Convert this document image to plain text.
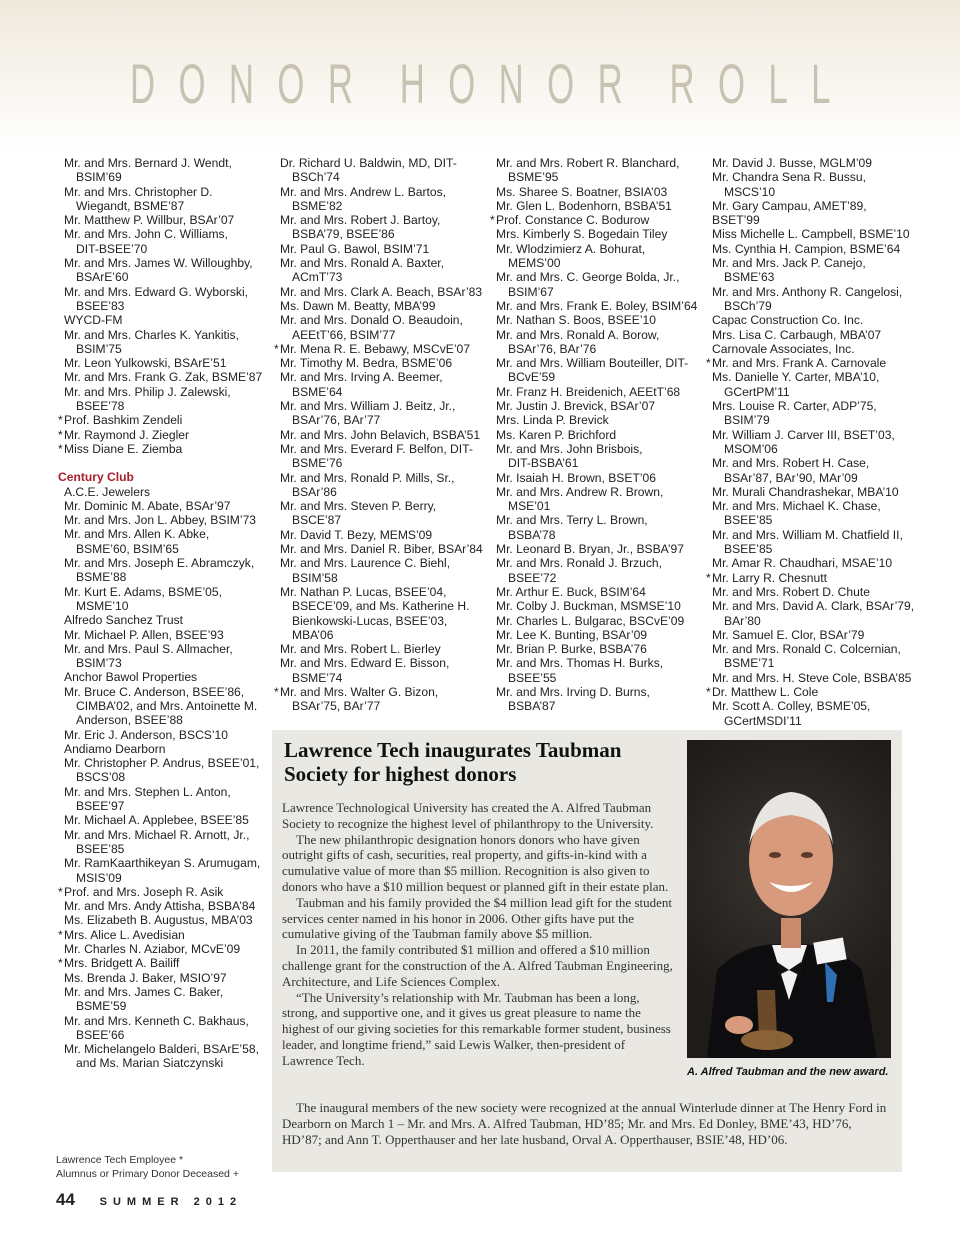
D O N O R H O N O R R O L L
Mr. and Mrs. Bernard J. Wendt,
BSIM’69
Mr. and Mrs. Christopher D.
Wiegandt, BSME’87
Mr. Matthew P. Willbur, BSAr’07
Mr. and Mrs. John C. Williams,
DIT-BSEE’70
Mr. and Mrs. James W. Willoughby,
BSArE’60
Mr. and Mrs. Edward G. Wyborski,
BSEE’83
WYCD-FM
Mr. and Mrs. Charles K. Yankitis,
BSIM’75
Mr. Leon Yulkowski, BSArE’51
Mr. and Mrs. Frank G. Zak, BSME’87
Mr. and Mrs. Philip J. Zalewski,
BSEE’78
* Prof. Bashkim Zendeli
* Mr. Raymond J. Ziegler
* Miss Diane E. Ziemba
Century Club
A.C.E. Jewelers
Mr. Dominic M. Abate, BSAr’97
Mr. and Mrs. Jon L. Abbey, BSIM’73
Mr. and Mrs. Allen K. Abke,
BSME’60, BSIM’65
Mr. and Mrs. Joseph E. Abramczyk,
BSME’88
Mr. Kurt E. Adams, BSME’05,
MSME’10
Alfredo Sanchez Trust
Mr. Michael P. Allen, BSEE’93
Mr. and Mrs. Paul S. Allmacher,
BSIM’73
Anchor Bawol Properties
Mr. Bruce C. Anderson, BSEE’86,
CIMBA’02, and Mrs. Antoinette M.
Anderson, BSEE’88
Mr. Eric J. Anderson, BSCS’10
Andiamo Dearborn
Mr. Christopher P. Andrus, BSEE’01,
BSCS’08
Mr. and Mrs. Stephen L. Anton,
BSEE’97
Mr. Michael A. Applebee, BSEE’85
Mr. and Mrs. Michael R. Arnott, Jr.,
BSEE’85
Mr. RamKaarthikeyan S. Arumugam,
MSIS’09
* Prof. and Mrs. Joseph R. Asik
Mr. and Mrs. Andy Attisha, BSBA’84
Ms. Elizabeth B. Augustus, MBA’03
* Mrs. Alice L. Avedisian
Mr. Charles N. Aziabor, MCvE’09
* Mrs. Bridgett A. Bailiff
Ms. Brenda J. Baker, MSIO’97
Mr. and Mrs. James C. Baker,
BSME’59
Mr. and Mrs. Kenneth C. Bakhaus,
BSEE’66
Mr. Michelangelo Balderi, BSArE’58,
and Ms. Marian Siatczynski
Dr. Richard U. Baldwin, MD, DIT-
BSCh’74
Mr. and Mrs. Andrew L. Bartos,
BSME’82
Mr. and Mrs. Robert J. Bartoy,
BSBA’79, BSEE’86
Mr. Paul G. Bawol, BSIM’71
Mr. and Mrs. Ronald A. Baxter,
ACmT’73
Mr. and Mrs. Clark A. Beach, BSAr’83
Ms. Dawn M. Beatty, MBA’99
Mr. and Mrs. Donald O. Beaudoin,
AEEtT’66, BSIM’77
* Mr. Mena R. E. Bebawy, MSCvE’07
Mr. Timothy M. Bedra, BSME’06
Mr. and Mrs. Irving A. Beemer,
BSME’64
Mr. and Mrs. William J. Beitz, Jr.,
BSAr’76, BAr’77
Mr. and Mrs. John Belavich, BSBA’51
Mr. and Mrs. Everard F. Belfon, DIT-
BSME’76
Mr. and Mrs. Ronald P. Mills, Sr.,
BSAr’86
Mr. and Mrs. Steven P. Berry,
BSCE’87
Mr. David T. Bezy, MEMS’09
Mr. and Mrs. Daniel R. Biber, BSAr’84
Mr. and Mrs. Laurence C. Biehl,
BSIM’58
Mr. Nathan P. Lucas, BSEE’04,
BSECE’09, and Ms. Katherine H.
Bienkowski-Lucas, BSEE’03,
MBA’06
Mr. and Mrs. Robert L. Bierley
Mr. and Mrs. Edward E. Bisson,
BSME’74
* Mr. and Mrs. Walter G. Bizon,
BSAr’75, BAr’77
Mr. and Mrs. Robert R. Blanchard,
BSME’95
Ms. Sharee S. Boatner, BSIA’03
Mr. Glen L. Bodenhorn, BSBA’51
* Prof. Constance C. Bodurow
Mrs. Kimberly S. Bogedain Tiley
Mr. Wlodzimierz A. Bohurat,
MEMS’00
Mr. and Mrs. C. George Bolda, Jr.,
BSIM’67
Mr. and Mrs. Frank E. Boley, BSIM’64
Mr. Nathan S. Boos, BSEE’10
Mr. and Mrs. Ronald A. Borow,
BSAr’76, BAr’76
Mr. and Mrs. William Bouteiller, DIT-
BCvE’59
Mr. Franz H. Breidenich, AEEtT’68
Mr. Justin J. Brevick, BSAr’07
Mrs. Linda P. Brevick
Ms. Karen P. Brichford
Mr. and Mrs. John Brisbois,
DIT-BSBA’61
Mr. Isaiah H. Brown, BSET’06
Mr. and Mrs. Andrew R. Brown,
MSE’01
Mr. and Mrs. Terry L. Brown,
BSBA’78
Mr. Leonard B. Bryan, Jr., BSBA’97
Mr. and Mrs. Ronald J. Brzuch,
BSEE’72
Mr. Arthur E. Buck, BSIM’64
Mr. Colby J. Buckman, MSMSE’10
Mr. Charles L. Bulgarac, BSCvE’09
Mr. Lee K. Bunting, BSAr’09
Mr. Brian P. Burke, BSBA’76
Mr. and Mrs. Thomas H. Burks,
BSEE’55
Mr. and Mrs. Irving D. Burns,
BSBA’87
Mr. David J. Busse, MGLM’09
Mr. Chandra Sena R. Bussu,
MSCS’10
Mr. Gary Campau, AMET’89, BSET’99
Miss Michelle L. Campbell, BSME’10
Ms. Cynthia H. Campion, BSME’64
Mr. and Mrs. Jack P. Canejo,
BSME’63
Mr. and Mrs. Anthony R. Cangelosi,
BSCh’79
Capac Construction Co. Inc.
Mrs. Lisa C. Carbaugh, MBA’07
Carnovale Associates, Inc.
* Mr. and Mrs. Frank A. Carnovale
Ms. Danielle Y. Carter, MBA’10,
GCertPM’11
Mrs. Louise R. Carter, ADP’75,
BSIM’79
Mr. William J. Carver III, BSET’03,
MSOM’06
Mr. and Mrs. Robert H. Case,
BSAr’87, BAr’90, MAr’09
Mr. Murali Chandrashekar, MBA’10
Mr. and Mrs. Michael K. Chase,
BSEE’85
Mr. and Mrs. William M. Chatfield II,
BSEE’85
Mr. Amar R. Chaudhari, MSAE’10
* Mr. Larry R. Chesnutt
Mr. and Mrs. Robert D. Chute
Mr. and Mrs. David A. Clark, BSAr’79,
BAr’80
Mr. Samuel E. Clor, BSAr’79
Mr. and Mrs. Ronald C. Colcernian,
BSME’71
Mr. and Mrs. H. Steve Cole, BSBA’85
* Dr. Matthew L. Cole
Mr. Scott A. Colley, BSME’05,
GCertMSDI’11
Lawrence Tech inaugurates Taubman Society for highest donors

Lawrence Technological University has created the A. Alfred Taubman Society to recognize the highest level of philanthropy to the University.

The new philanthropic designation honors donors who have given outright gifts of cash, securities, real property, and gifts-in-kind with a cumulative value of more than $5 million. Recognition is also given to donors who have a $10 million bequest or planned gift in their estate plan.

Taubman and his family provided the $4 million lead gift for the student services center named in his honor in 2006. Other gifts have put the cumulative giving of the Taubman family above $5 million.

In 2011, the family contributed $1 million and offered a $10 million challenge grant for the construction of the A. Alfred Taubman Engineering, Architecture, and Life Sciences Complex.

“The University’s relationship with Mr. Taubman has been a long, strong, and supportive one, and it gives us great pleasure to name the highest of our giving societies for this remarkable former student, business leader, and longtime friend,” said Lewis Walker, then-president of Lawrence Tech.

A. Alfred Taubman and the new award.

The inaugural members of the new society were recognized at the annual Winterlude dinner at The Henry Ford in Dearborn on March 1 – Mr. and Mrs. A. Alfred Taubman, HD’85; Mr. and Mrs. Ed Donley, BME’43, HD’76, HD’87; and Ann T. Opperthauser and her late husband, Orval A. Opperthauser, BSIE’48, HD’06.

Lawrence Tech Employee *
Alumnus or Primary Donor Deceased +
44 SUMMER 2012
